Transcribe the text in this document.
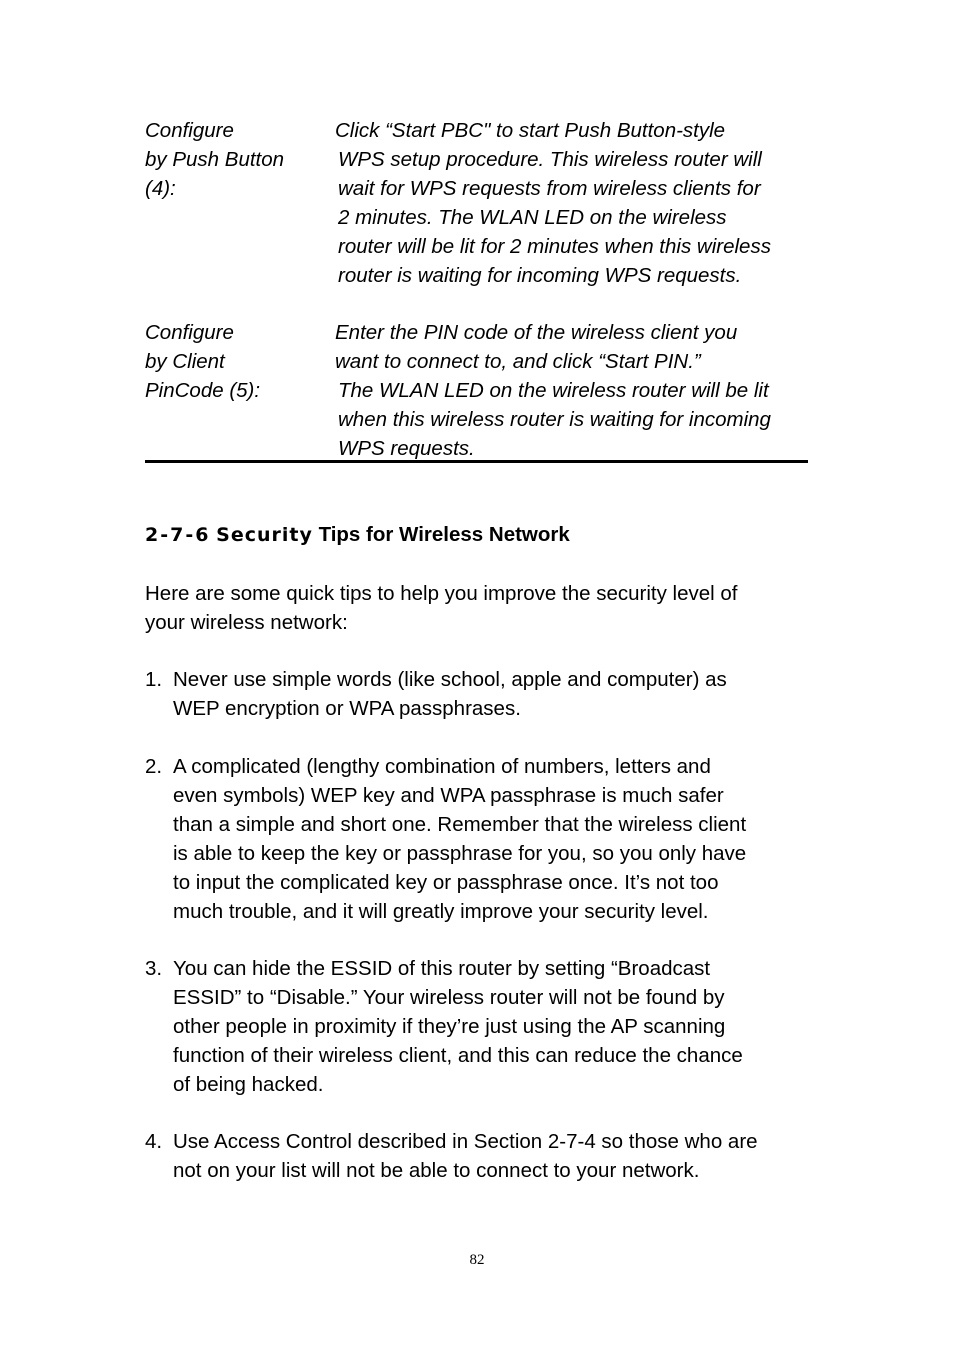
Configure
by Push Button
(4):
Click “Start PBC" to start Push Button-style
WPS setup procedure. This wireless router will
wait for WPS requests from wireless clients for
2 minutes. The WLAN LED on the wireless
router will be lit for 2 minutes when this wireless
router is waiting for incoming WPS requests.
Configure
by Client
PinCode (5):
Enter the PIN code of the wireless client you
want to connect to, and click “Start PIN.”
The WLAN LED on the wireless router will be lit
when this wireless router is waiting for incoming
WPS requests.
2-7-6 Security Tips for Wireless Network
Here are some quick tips to help you improve the security level of
your wireless network:
1. Never use simple words (like school, apple and computer) as
WEP encryption or WPA passphrases.
2. A complicated (lengthy combination of numbers, letters and
even symbols) WEP key and WPA passphrase is much safer
than a simple and short one. Remember that the wireless client
is able to keep the key or passphrase for you, so you only have
to input the complicated key or passphrase once. It’s not too
much trouble, and it will greatly improve your security level.
3. You can hide the ESSID of this router by setting “Broadcast
ESSID” to “Disable.” Your wireless router will not be found by
other people in proximity if they’re just using the AP scanning
function of their wireless client, and this can reduce the chance
of being hacked.
4. Use Access Control described in Section 2-7-4 so those who are
not on your list will not be able to connect to your network.
82
